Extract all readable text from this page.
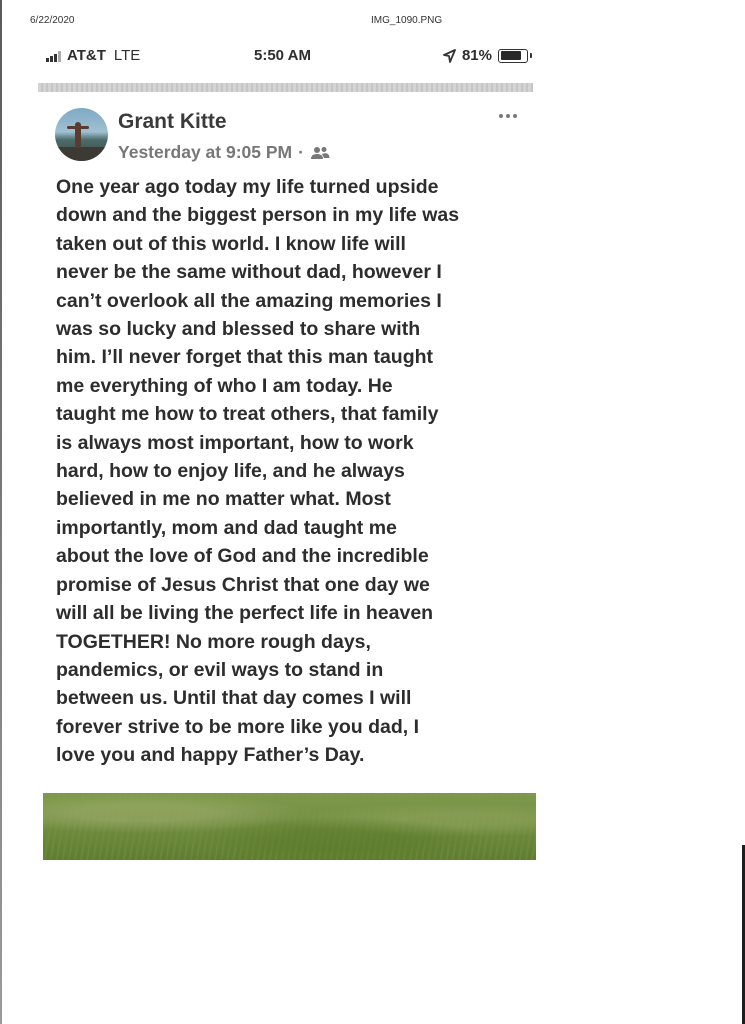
6/22/2020	IMG_1090.PNG
AT&T LTE	5:50 AM	81%
Grant Kitte
Yesterday at 9:05 PM ·
One year ago today my life turned upside
down and the biggest person in my life was
taken out of this world. I know life will
never be the same without dad, however I
can’t overlook all the amazing memories I
was so lucky and blessed to share with
him. I’ll never forget that this man taught
me everything of who I am today. He
taught me how to treat others, that family
is always most important, how to work
hard, how to enjoy life, and he always
believed in me no matter what. Most
importantly, mom and dad taught me
about the love of God and the incredible
promise of Jesus Christ that one day we
will all be living the perfect life in heaven
TOGETHER! No more rough days,
pandemics, or evil ways to stand in
between us. Until that day comes I will
forever strive to be more like you dad, I
love you and happy Father’s Day.
